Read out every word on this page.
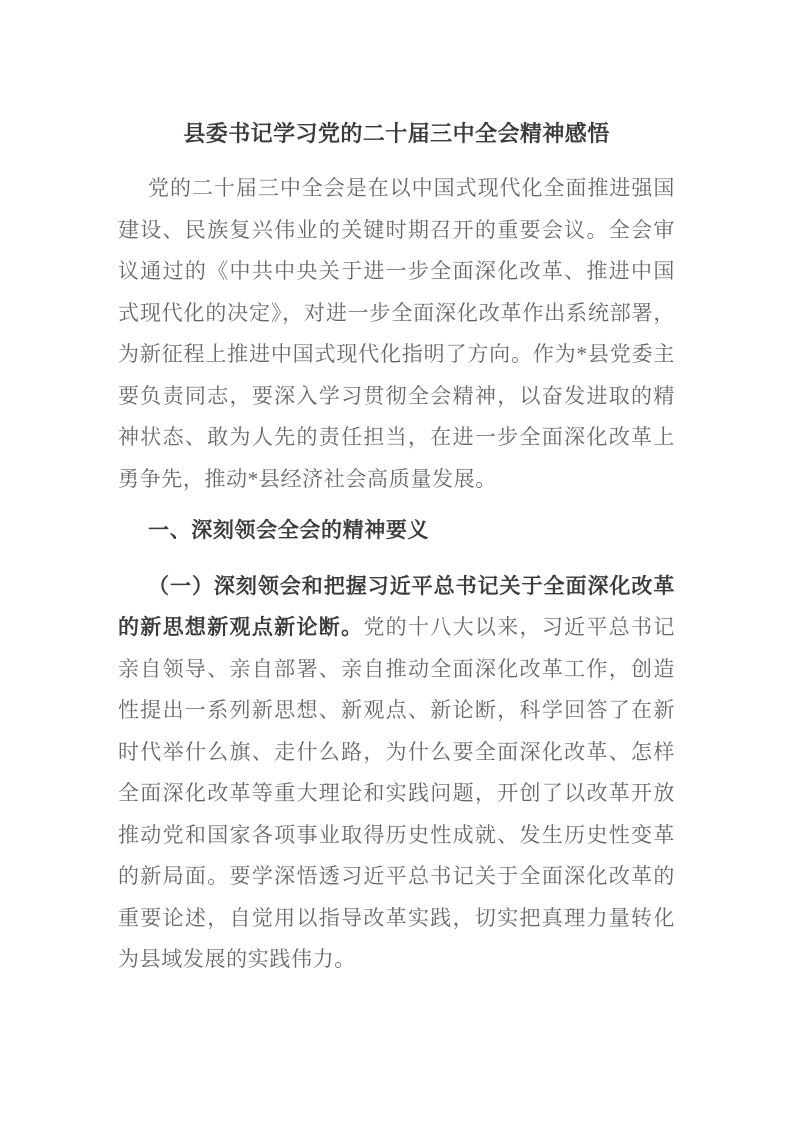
县委书记学习党的二十届三中全会精神感悟

党的二十届三中全会是在以中国式现代化全面推进强国建设、民族复兴伟业的关键时期召开的重要会议。全会审议通过的《中共中央关于进一步全面深化改革、推进中国式现代化的决定》，对进一步全面深化改革作出系统部署，为新征程上推进中国式现代化指明了方向。作为*县党委主要负责同志，要深入学习贯彻全会精神，以奋发进取的精神状态、敢为人先的责任担当，在进一步全面深化改革上勇争先，推动*县经济社会高质量发展。

一、深刻领会全会的精神要义

（一）深刻领会和把握习近平总书记关于全面深化改革的新思想新观点新论断。党的十八大以来，习近平总书记亲自领导、亲自部署、亲自推动全面深化改革工作，创造性提出一系列新思想、新观点、新论断，科学回答了在新时代举什么旗、走什么路，为什么要全面深化改革、怎样全面深化改革等重大理论和实践问题，开创了以改革开放推动党和国家各项事业取得历史性成就、发生历史性变革的新局面。要学深悟透习近平总书记关于全面深化改革的重要论述，自觉用以指导改革实践，切实把真理力量转化为县域发展的实践伟力。
